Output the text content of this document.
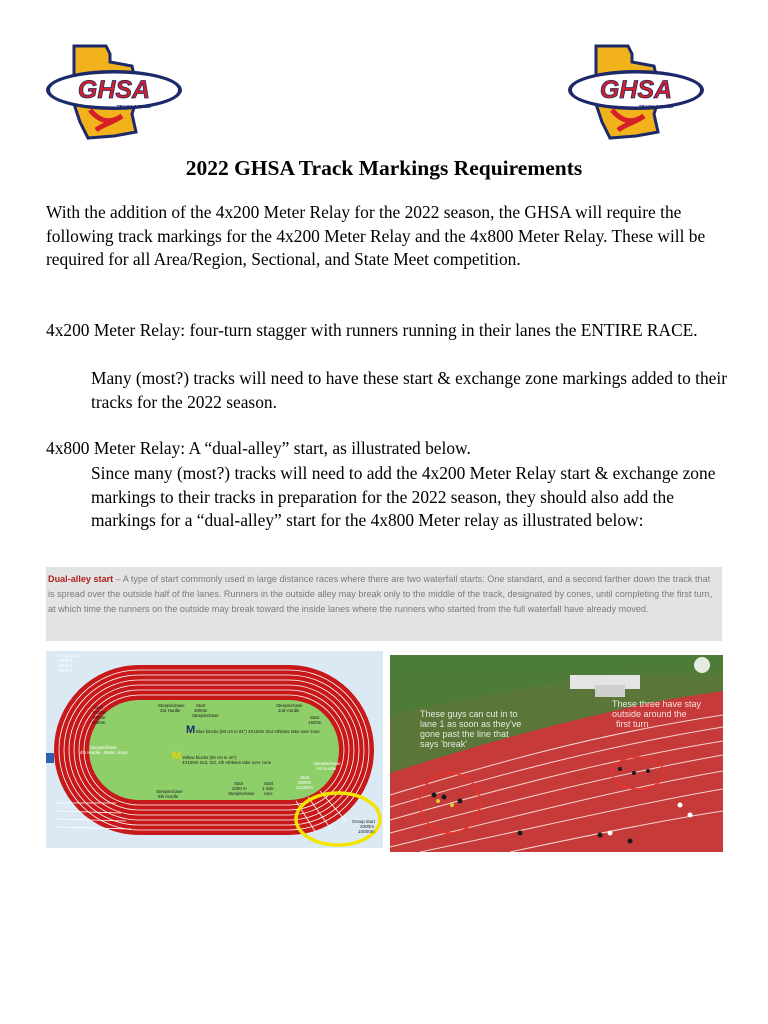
GHSA
TRACK & FIELD
GHSA
TRACK & FIELD
2022 GHSA Track Markings Requirements

With the addition of the 4x200 Meter Relay for the 2022 season, the GHSA will require the following track markings for the 4x200 Meter Relay and the 4x800 Meter Relay. These will be required for all Area/Region, Sectional, and State Meet competition.

4x200 Meter Relay: four-turn stagger with runners running in their lanes the ENTIRE RACE.

Many (most?) tracks will need to have these start & exchange zone markings added to their tracks for the 2022 season.

4x800 Meter Relay: A “dual-alley” start, as illustrated below.

Since many (most?) tracks will need to add the 4x200 Meter Relay start & exchange zone markings to their tracks in preparation for the 2022 season, they should also add the markings for a “dual-alley” start for the 4x800 Meter relay as illustrated below:

Dual-alley start – A type of start commonly used in large distance races where there are two waterfall starts: One standard, and a second farther down the track that is spread over the outside half of the lanes. Runners in the outside alley may break only to the middle of the track, designated by cones, until completing the first turn, at which time the runners on the outside may break toward the inside lanes where the runners who started from the full waterfall have already moved.
M
M
Group start 1000m 3000m 5000m
Start 1000m 3000m 5000m
Steeplechase 3rd Hurdle
Start 3000m Steeplechase
Steeplechase 2nd Hurdle
Start 1500m
Blue blocks (83 cm in 91”) 4X100m 2nd Athletes take over zone
Yellow blocks (60 cm in 40”) 4X100m 2nd, 3rd, 4th Athletes take over zone
Steeplechase 5th Hurdle
Start 2000 m Steeplechase
Start 1 mile race
Steeplechase 4th Hurdle - Water Jump
Steeplechase 1st Hurdle
Start 2000m 10,000m
Group start 2000m 10000m
These guys can cut in to lane 1 as soon as they've gone past the line that says 'break'
These three have stay outside around the first turn
